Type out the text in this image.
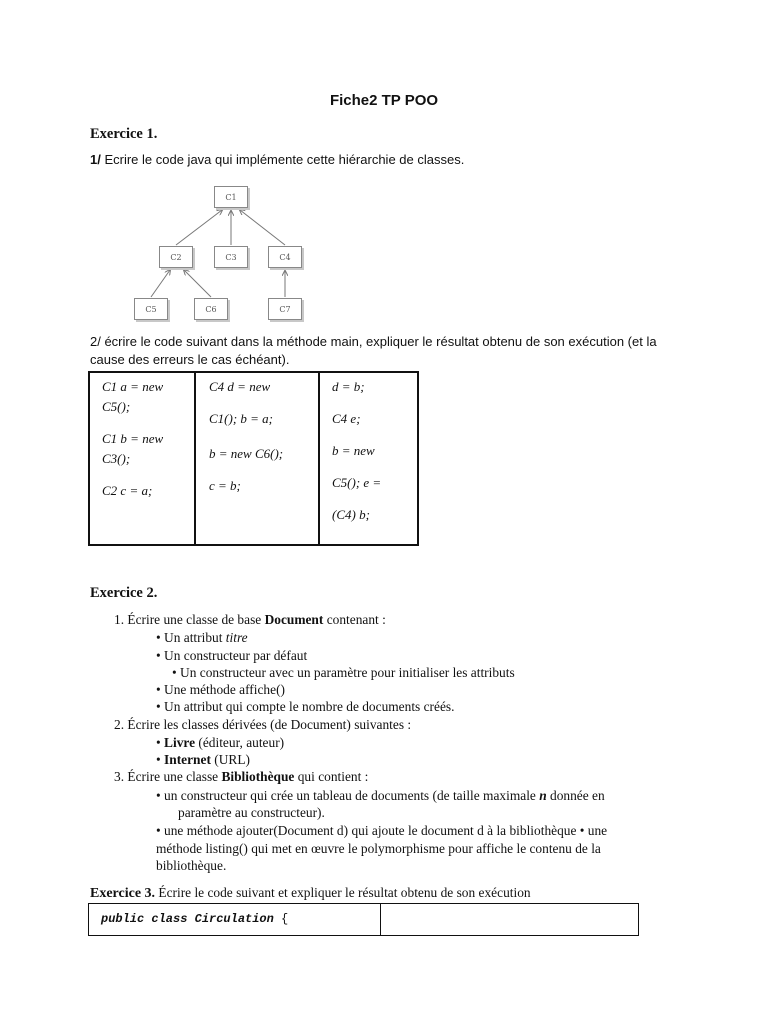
Fiche2 TP POO
Exercice 1.
1/ Ecrire le code java qui implémente cette hiérarchie de classes.
C1
C2	C3	C4
C5	C6	C7
2/ écrire le code suivant dans la méthode main, expliquer le résultat obtenu de son exécution (et la
cause des erreurs le cas échéant).
C1 a = new
C5();
C1 b = new
C3();
C2 c = a;
C4 d = new
C1(); b = a;
b = new C6();
c = b;
d = b;
C4 e;
b = new
C5(); e =
(C4) b;
Exercice 2.
1. Écrire une classe de base Document contenant :
• Un attribut titre
• Un constructeur par défaut
• Un constructeur avec un paramètre pour initialiser les attributs
• Une méthode affiche()
• Un attribut qui compte le nombre de documents créés.
2. Écrire les classes dérivées (de Document) suivantes :
• Livre (éditeur, auteur)
• Internet (URL)
3. Écrire une classe Bibliothèque qui contient :
• un constructeur qui crée un tableau de documents (de taille maximale n donnée en
paramètre au constructeur).
• une méthode ajouter(Document d) qui ajoute le document d à la bibliothèque • une
méthode listing() qui met en œuvre le polymorphisme pour affiche le contenu de la
bibliothèque.
Exercice 3. Écrire le code suivant et expliquer le résultat obtenu de son exécution
public class Circulation {
